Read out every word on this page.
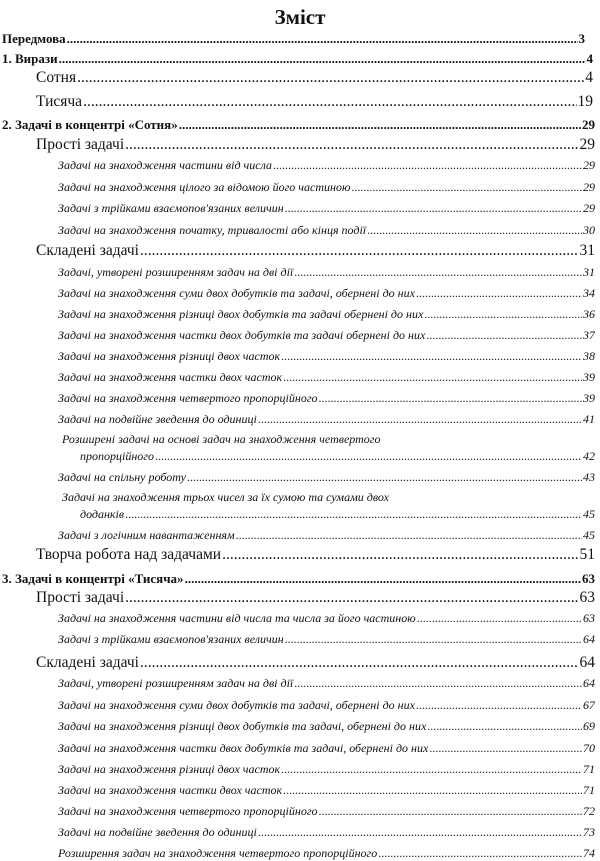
Зміст
Передмова .....	3
1. Вирази .....	4
Сотня .....	4
Тисяча .....	19
2. Задачі в концентрі «Сотня» .....	29
Прості задачі .....	29
Задачі на знаходження частини від числа .....	29
Задачі на знаходження цілого за відомою його частиною .....	29
Задачі з трійками взаємопов'язаних величин .....	29
Задачі на знаходження початку, тривалості або кінця події .....	30
Складені задачі .....	31
Задачі, утворені розширенням задач на дві дії .....	31
Задачі на знаходження суми двох добутків та задачі, обернені до них .....	34
Задачі на знаходження різниці двох добутків та задачі обернені до них .....	36
Задачі на знаходження частки двох добутків та задачі обернені до них .....	37
Задачі на знаходження різниці двох часток .....	38
Задачі на знаходження частки двох часток .....	39
Задачі на знаходження четвертого пропорційного .....	39
Задачі на подвійне зведення до одиниці .....	41
Розширені задачі на основі задач на знаходження четвертого
пропорційного .....	42
Задачі на спільну роботу .....	43
Задачі на знаходження трьох чисел за їх сумою та сумами двох
доданків .....	45
Задачі з логічним навантаженням .....	45
Творча робота над задачами .....	51
3. Задачі в концентрі «Тисяча» .....	63
Прості задачі .....	63
Задачі на знаходження частини від числа та числа за його частиною .....	63
Задачі з трійками взаємопов'язаних величин .....	64
Складені задачі .....	64
Задачі, утворені розширенням задач на дві дії .....	64
Задачі на знаходження суми двох добутків та задачі, обернені до них .....	67
Задачі на знаходження різниці двох добутків та задачі, обернені до них .....	69
Задачі на знаходження частки двох добутків та задачі, обернені до них .....	70
Задачі на знаходження різниці двох часток .....	71
Задачі на знаходження частки двох часток .....	71
Задачі на знаходження четвертого пропорційного .....	72
Задачі на подвійне зведення до одиниці .....	73
Розширення задач на знаходження четвертого пропорційного .....	74
